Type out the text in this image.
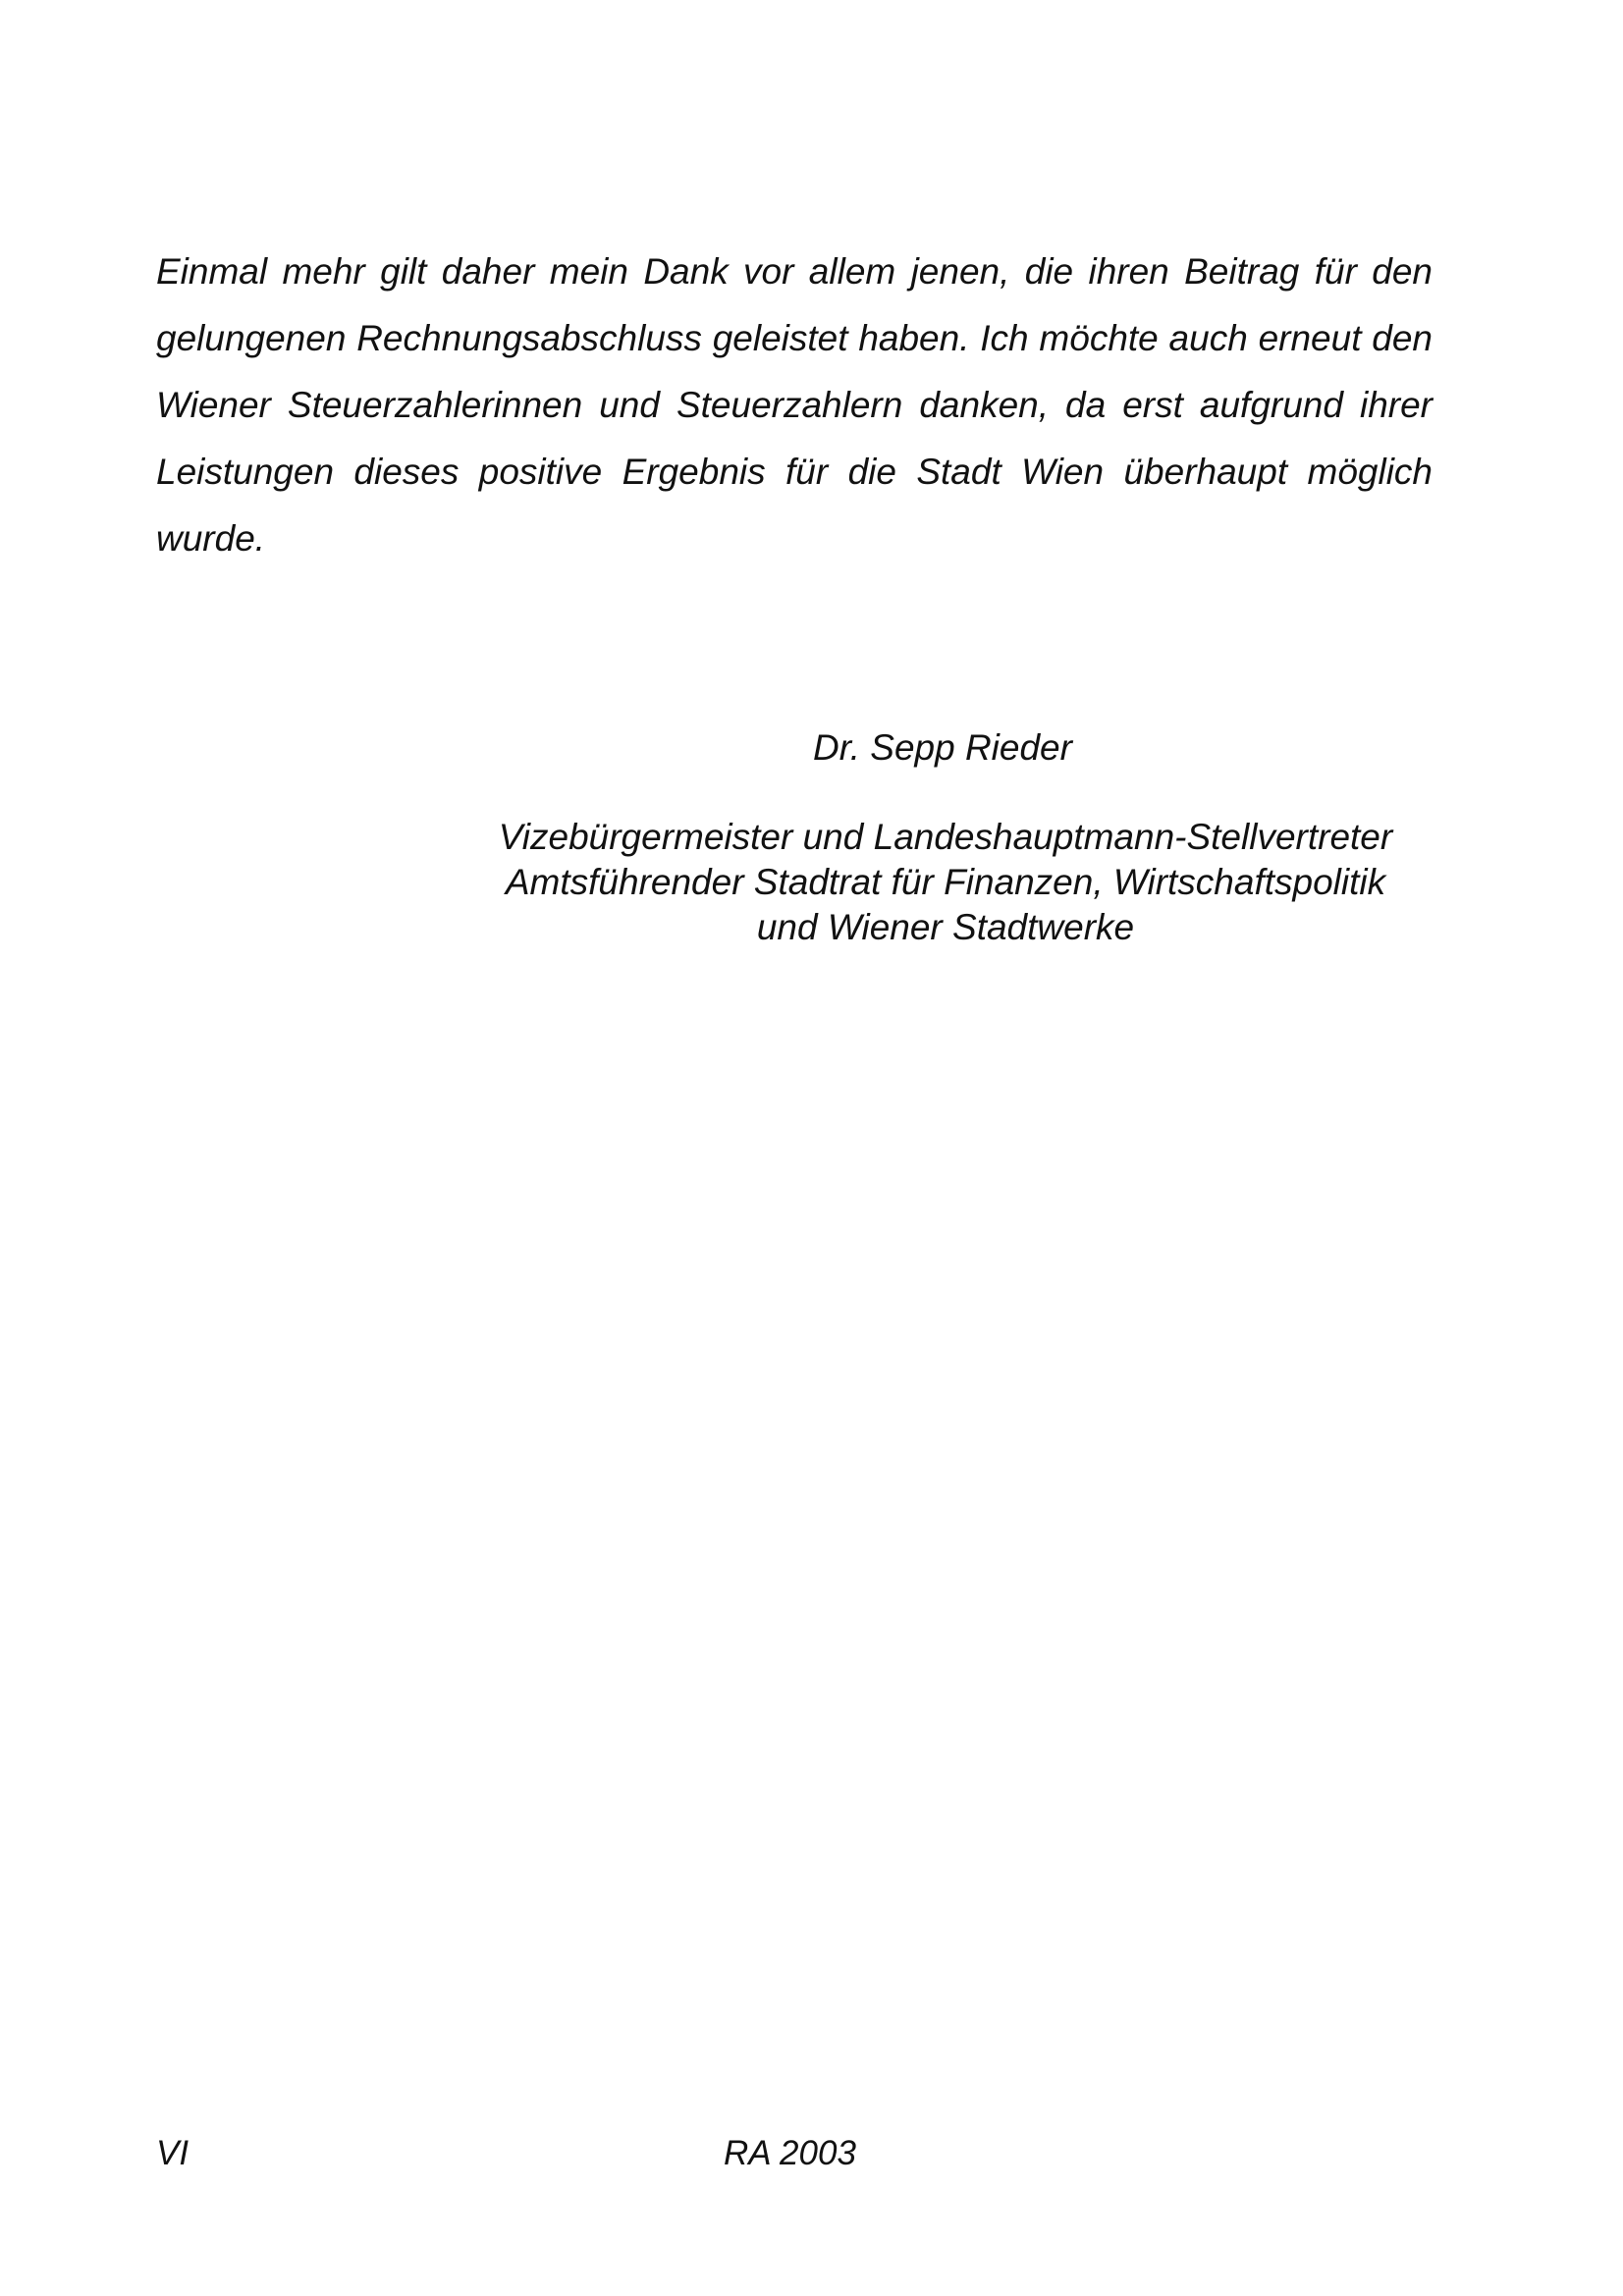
Einmal mehr gilt daher mein Dank vor allem jenen, die ihren Beitrag für den gelungenen Rechnungsabschluss geleistet haben. Ich möchte auch erneut den Wiener Steuerzahlerinnen und Steuerzahlern danken, da erst aufgrund ihrer Leistungen dieses positive Ergebnis für die Stadt Wien überhaupt möglich wurde.

Dr. Sepp Rieder

Vizebürgermeister und Landeshauptmann-Stellvertreter
Amtsführender Stadtrat für Finanzen, Wirtschaftspolitik
und Wiener Stadtwerke

VI	RA 2003
